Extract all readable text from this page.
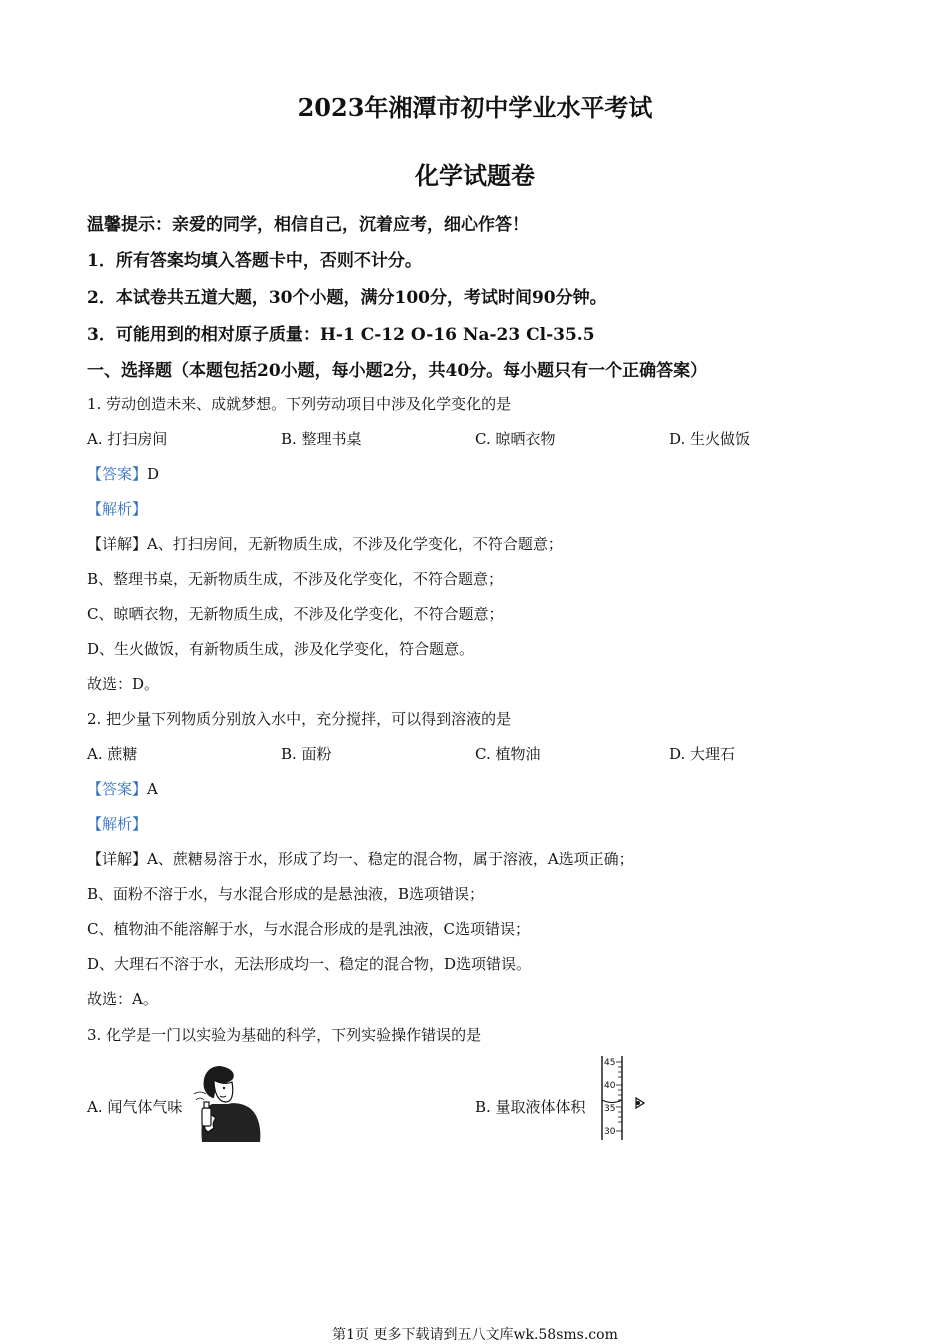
2023年湘潭市初中学业水平考试
化学试题卷
温馨提示：亲爱的同学，相信自己，沉着应考，细心作答！
1．所有答案均填入答题卡中，否则不计分。
2．本试卷共五道大题，30个小题，满分100分，考试时间90分钟。
3．可能用到的相对原子质量：H-1 C-12 O-16 Na-23 Cl-35.5
一、选择题（本题包括20小题，每小题2分，共40分。每小题只有一个正确答案）
1. 劳动创造未来、成就梦想。下列劳动项目中涉及化学变化的是
A. 打扫房间	B. 整理书桌	C. 晾晒衣物	D. 生火做饭
【答案】D
【解析】
【详解】A、打扫房间，无新物质生成，不涉及化学变化，不符合题意；
B、整理书桌，无新物质生成，不涉及化学变化，不符合题意；
C、晾晒衣物，无新物质生成，不涉及化学变化，不符合题意；
D、生火做饭，有新物质生成，涉及化学变化，符合题意。
故选：D。
2. 把少量下列物质分别放入水中，充分搅拌，可以得到溶液的是
A. 蔗糖	B. 面粉	C. 植物油	D. 大理石
【答案】A
【解析】
【详解】A、蔗糖易溶于水，形成了均一、稳定的混合物，属于溶液，A选项正确；
B、面粉不溶于水，与水混合形成的是悬浊液，B选项错误；
C、植物油不能溶解于水，与水混合形成的是乳浊液，C选项错误；
D、大理石不溶于水，无法形成均一、稳定的混合物，D选项错误。
故选：A。
3. 化学是一门以实验为基础的科学，下列实验操作错误的是
A. 闻气体气味	B. 量取液体体积
45
40
35
30
第1页 更多下载请到五八文库wk.58sms.com
